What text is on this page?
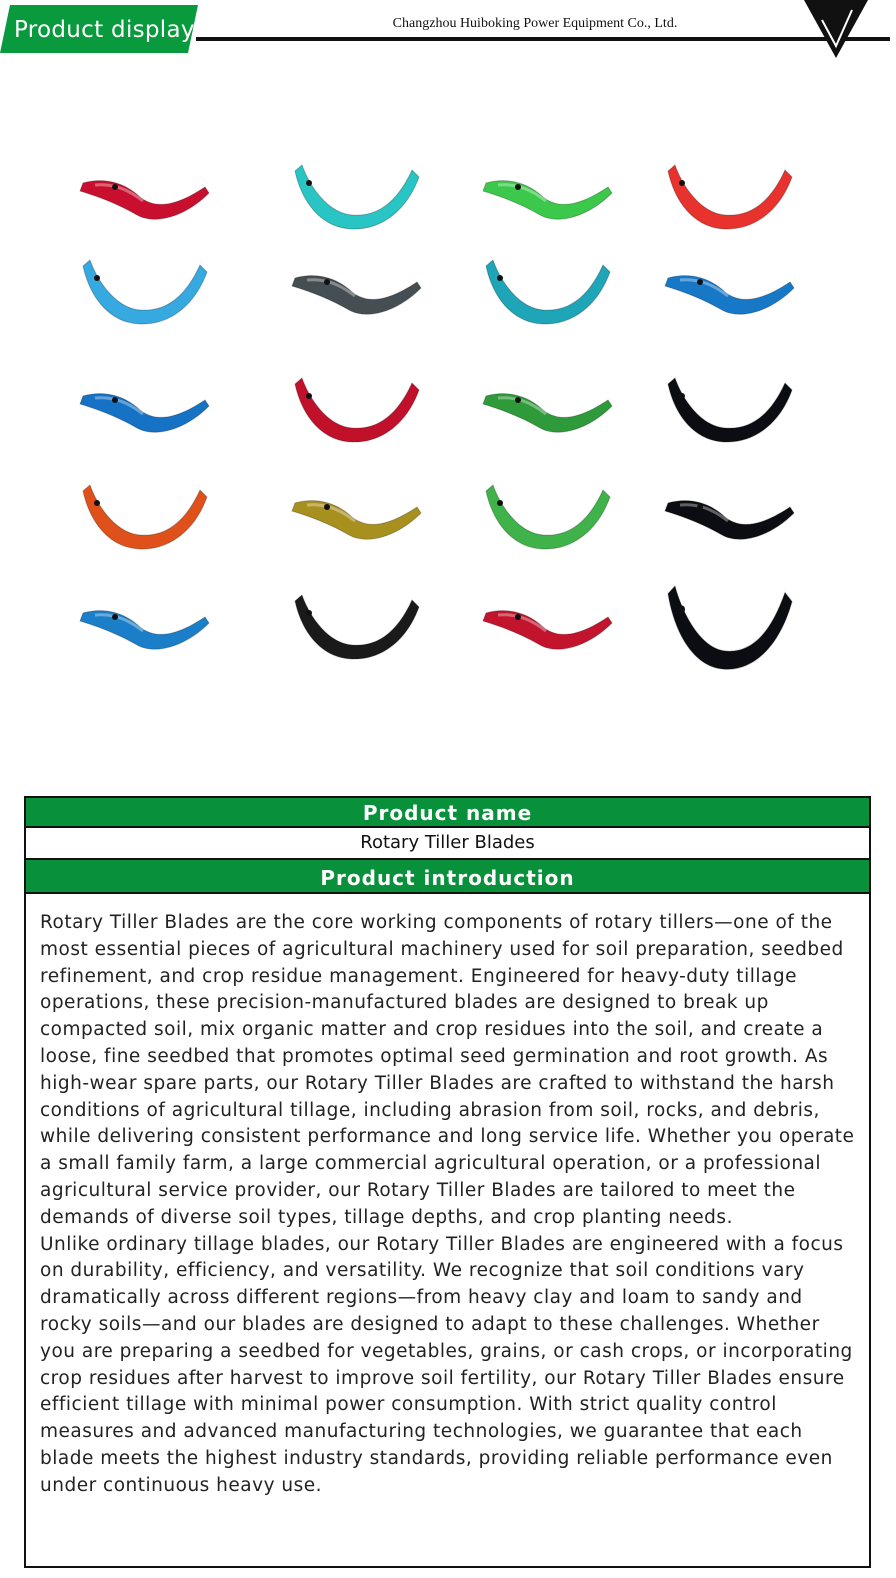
Product display	Changzhou Huiboking Power Equipment Co., Ltd.
Product name
Rotary Tiller Blades
Product introduction

Rotary Tiller Blades are the core working components of rotary tillers—one of the most essential pieces of agricultural machinery used for soil preparation, seedbed refinement, and crop residue management. Engineered for heavy-duty tillage operations, these precision-manufactured blades are designed to break up compacted soil, mix organic matter and crop residues into the soil, and create a loose, fine seedbed that promotes optimal seed germination and root growth. As high-wear spare parts, our Rotary Tiller Blades are crafted to withstand the harsh conditions of agricultural tillage, including abrasion from soil, rocks, and debris, while delivering consistent performance and long service life. Whether you operate a small family farm, a large commercial agricultural operation, or a professional agricultural service provider, our Rotary Tiller Blades are tailored to meet the demands of diverse soil types, tillage depths, and crop planting needs.

Unlike ordinary tillage blades, our Rotary Tiller Blades are engineered with a focus on durability, efficiency, and versatility. We recognize that soil conditions vary dramatically across different regions—from heavy clay and loam to sandy and rocky soils—and our blades are designed to adapt to these challenges. Whether you are preparing a seedbed for vegetables, grains, or cash crops, or incorporating crop residues after harvest to improve soil fertility, our Rotary Tiller Blades ensure efficient tillage with minimal power consumption. With strict quality control measures and advanced manufacturing technologies, we guarantee that each blade meets the highest industry standards, providing reliable performance even under continuous heavy use.
